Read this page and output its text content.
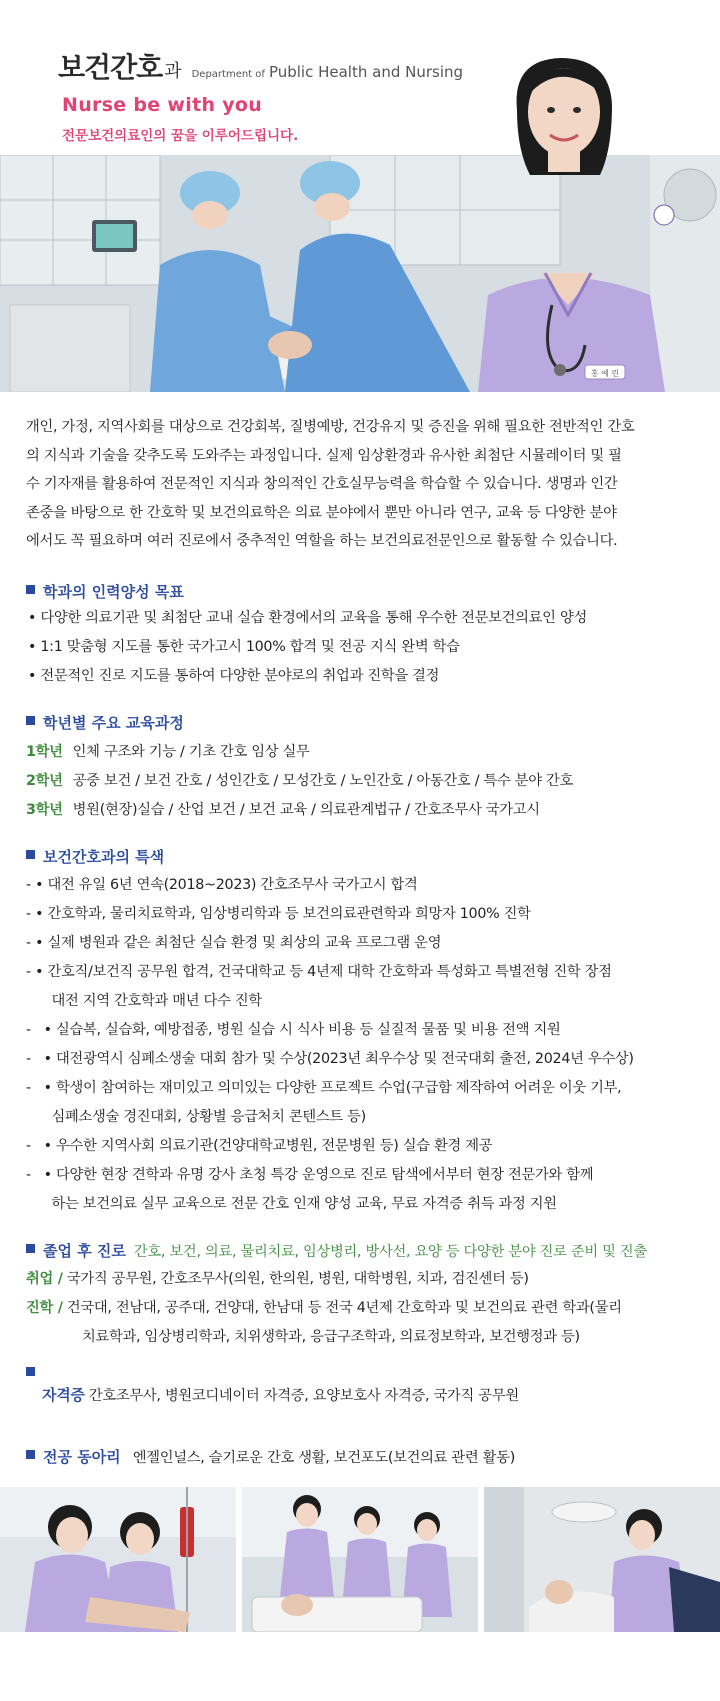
보건간호 과 Department of Public Health and Nursing
Nurse be with you
전문보건의료인의 꿈을 이루어드립니다.
홍 예 린
개인, 가정, 지역사회를 대상으로 건강회복, 질병예방, 건강유지 및 증진을 위해 필요한 전반적인 간호
의 지식과 기술을 갖추도록 도와주는 과정입니다. 실제 임상환경과 유사한 최첨단 시뮬레이터 및 필
수 기자재를 활용하여 전문적인 지식과 창의적인 간호실무능력을 학습할 수 있습니다. 생명과 인간
존중을 바탕으로 한 간호학 및 보건의료학은 의료 분야에서 뿐만 아니라 연구, 교육 등 다양한 분야
에서도 꼭 필요하며 여러 진로에서 중추적인 역할을 하는 보건의료전문인으로 활동할 수 있습니다.
학과의 인력양성 목표
• 다양한 의료기관 및 최첨단 교내 실습 환경에서의 교육을 통해 우수한 전문보건의료인 양성
• 1:1 맞춤형 지도를 통한 국가고시 100% 합격 및 전공 지식 완벽 학습
• 전문적인 진로 지도를 통하여 다양한 분야로의 취업과 진학을 결정
학년별 주요 교육과정
1학년 인체 구조와 기능 / 기초 간호 임상 실무
2학년 공중 보건 / 보건 간호 / 성인간호 / 모성간호 / 노인간호 / 아동간호 / 특수 분야 간호
3학년 병원(현장)실습 / 산업 보건 / 보건 교육 / 의료관계법규 / 간호조무사 국가고시
보건간호과의 특색
- • 대전 유일 6년 연속(2018~2023) 간호조무사 국가고시 합격
- • 간호학과, 물리치료학과, 임상병리학과 등 보건의료관련학과 희망자 100% 진학
- • 실제 병원과 같은 최첨단 실습 환경 및 최상의 교육 프로그램 운영
- • 간호직/보건직 공무원 합격, 건국대학교 등 4년제 대학 간호학과 특성화고 특별전형 진학 장점
대전 지역 간호학과 매년 다수 진학
-   • 실습복, 실습화, 예방접종, 병원 실습 시 식사 비용 등 실질적 물품 및 비용 전액 지원
-   • 대전광역시 심폐소생술 대회 참가 및 수상(2023년 최우수상 및 전국대회 출전, 2024년 우수상)
-   • 학생이 참여하는 재미있고 의미있는 다양한 프로젝트 수업(구급함 제작하여 어려운 이웃 기부,
심폐소생술 경진대회, 상황별 응급처치 콘텐스트 등)
-   • 우수한 지역사회 의료기관(건양대학교병원, 전문병원 등) 실습 환경 제공
-   • 다양한 현장 견학과 유명 강사 초청 특강 운영으로 진로 탐색에서부터 현장 전문가와 함께
하는 보건의료 실무 교육으로 전문 간호 인재 양성 교육, 무료 자격증 취득 과정 지원
졸업 후 진로 간호, 보건, 의료, 물리치료, 임상병리, 방사선, 요양 등 다양한 분야 진로 준비 및 진출
취업 / 국가직 공무원, 간호조무사(의원, 한의원, 병원, 대학병원, 치과, 검진센터 등)
진학 / 건국대, 전남대, 공주대, 건양대, 한남대 등 전국 4년제 간호학과 및 보건의료 관련 학과(물리
치료학과, 임상병리학과, 치위생학과, 응급구조학과, 의료정보학과, 보건행정과 등)
자격증 간호조무사, 병원코디네이터 자격증, 요양보호사 자격증, 국가직 공무원
전공 동아리 엔젤인널스, 슬기로운 간호 생활, 보건포도(보건의료 관련 활동)
